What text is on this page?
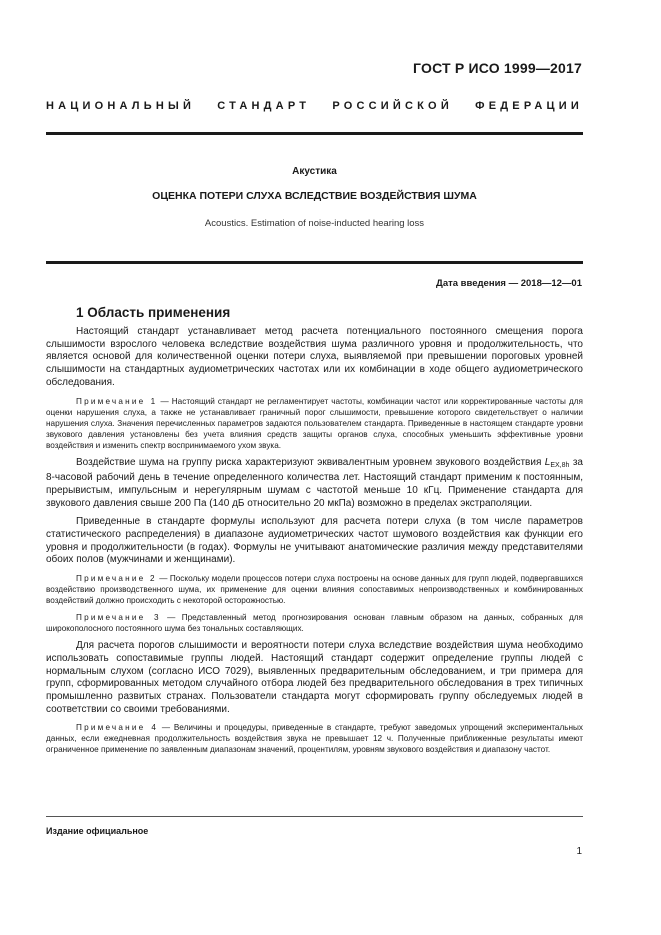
ГОСТ Р ИСО 1999—2017
НАЦИОНАЛЬНЫЙ СТАНДАРТ РОССИЙСКОЙ ФЕДЕРАЦИИ
Акустика
ОЦЕНКА ПОТЕРИ СЛУХА ВСЛЕДСТВИЕ ВОЗДЕЙСТВИЯ ШУМА
Acoustics. Estimation of noise-inducted hearing loss
Дата введения — 2018—12—01
1 Область применения

Настоящий стандарт устанавливает метод расчета потенциального постоянного смещения порога слышимости взрослого человека вследствие воздействия шума различного уровня и продолжительность, что является основой для количественной оценки потери слуха, выявляемой при превышении пороговых уровней слышимости на стандартных аудиометрических частотах или их комбинации в ходе общего аудиометрического обследования.

Примечание 1 — Настоящий стандарт не регламентирует частоты, комбинации частот или корректированные частоты для оценки нарушения слуха, а также не устанавливает граничный порог слышимости, превышение которого свидетельствует о наличии нарушения слуха. Значения перечисленных параметров задаются пользователем стандарта. Приведенные в настоящем стандарте уровни звукового давления установлены без учета влияния средств защиты органов слуха, способных уменьшить эффективные уровни воздействия и изменить спектр воспринимаемого ухом звука.

Воздействие шума на группу риска характеризуют эквивалентным уровнем звукового воздействия $L_{EX,8h}$ за 8-часовой рабочий день в течение определенного количества лет. Настоящий стандарт применим к постоянным, прерывистым, импульсным и нерегулярным шумам с частотой меньше 10 кГц. Применение стандарта для звукового давления свыше 200 Па (140 дБ относительно 20 мкПа) возможно в пределах экстраполяции.

Приведенные в стандарте формулы используют для расчета потери слуха (в том числе параметров статистического распределения) в диапазоне аудиометрических частот шумового воздействия как функции его уровня и продолжительности (в годах). Формулы не учитывают анатомические различия между представителями обоих полов (мужчинами и женщинами).

Примечание 2 — Поскольку модели процессов потери слуха построены на основе данных для групп людей, подвергавшихся воздействию производственного шума, их применение для оценки влияния сопоставимых непроизводственных и комбинированных воздействий должно происходить с некоторой осторожностью.

Примечание 3 — Представленный метод прогнозирования основан главным образом на данных, собранных для широкополосного постоянного шума без тональных составляющих.

Для расчета порогов слышимости и вероятности потери слуха вследствие воздействия шума необходимо использовать сопоставимые группы людей. Настоящий стандарт содержит определение группы людей с нормальным слухом (согласно ИСО 7029), выявленных предварительным обследованием, и три примера для групп, сформированных методом случайного отбора людей без предварительного обследования в трех типичных промышленно развитых странах. Пользователи стандарта могут сформировать группу обследуемых людей в соответствии со своими требованиями.

Примечание 4 — Величины и процедуры, приведенные в стандарте, требуют заведомых упрощений экспериментальных данных, если ежедневная продолжительность воздействия звука не превышает 12 ч. Полученные приближенные результаты имеют ограниченное применение по заявленным диапазонам значений, процентилям, уровням звукового воздействия и диапазону частот.

Издание официальное
1
